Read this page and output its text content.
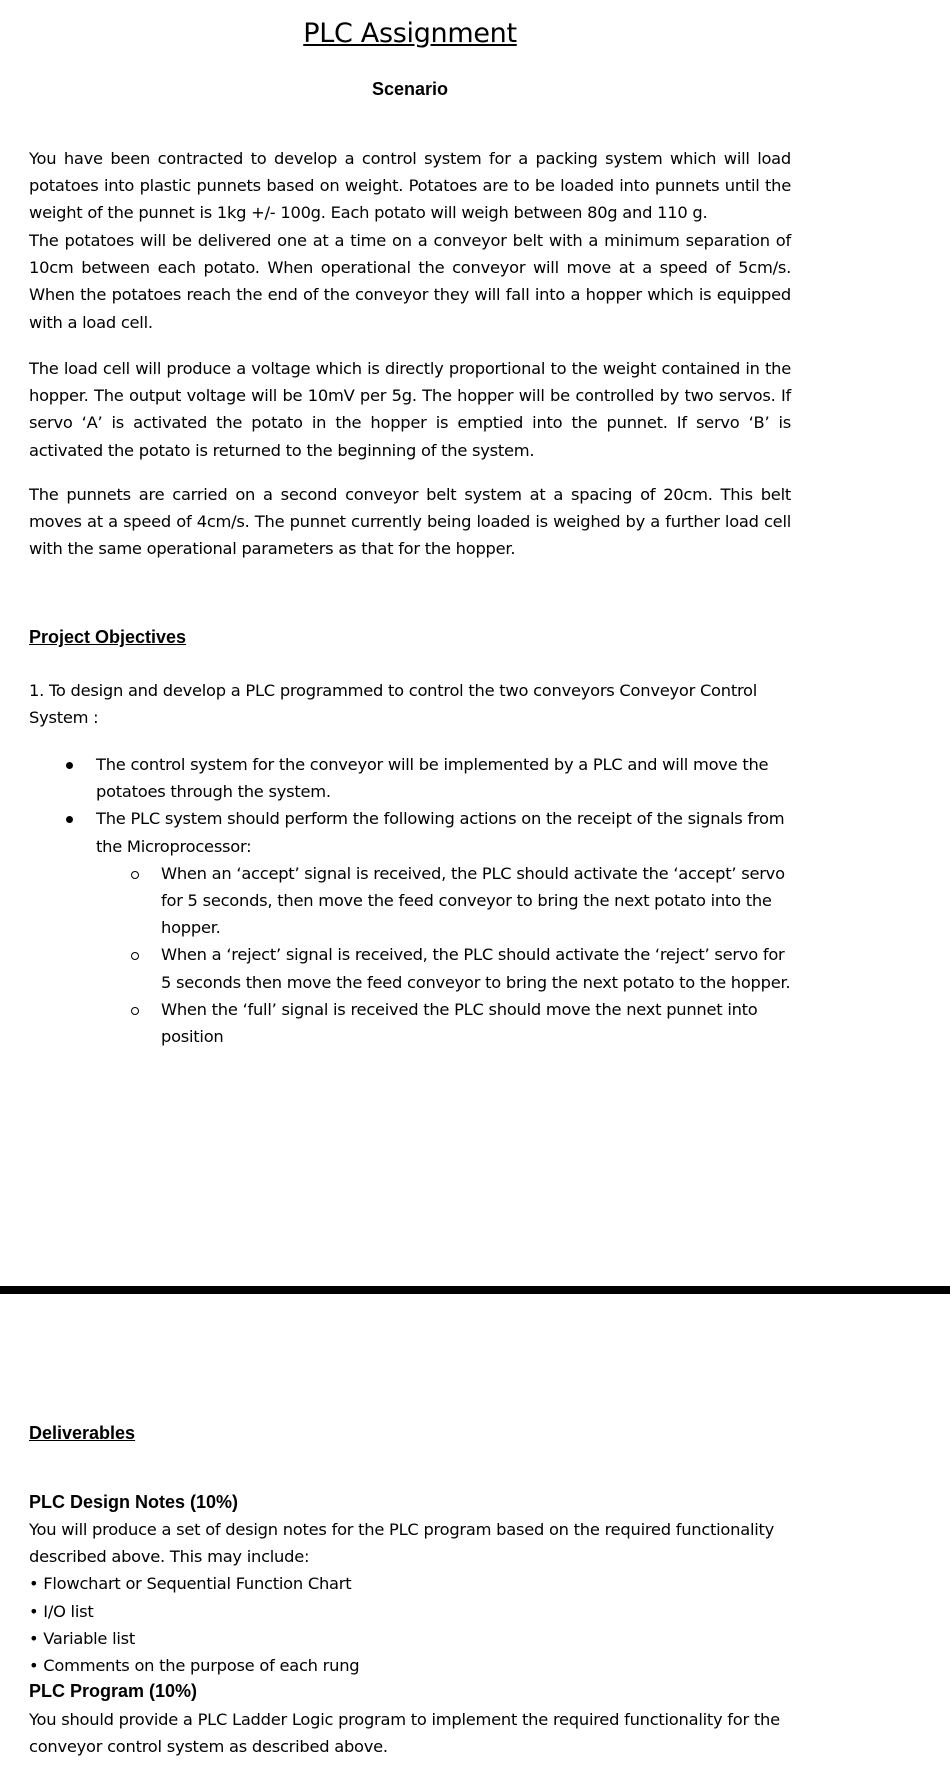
PLC Assignment
Scenario

You have been contracted to develop a control system for a packing system which will load potatoes into plastic punnets based on weight. Potatoes are to be loaded into punnets until the weight of the punnet is 1kg +/- 100g. Each potato will weigh between 80g and 110 g.

The potatoes will be delivered one at a time on a conveyor belt with a minimum separation of 10cm between each potato. When operational the conveyor will move at a speed of 5cm/s. When the potatoes reach the end of the conveyor they will fall into a hopper which is equipped with a load cell.

The load cell will produce a voltage which is directly proportional to the weight contained in the hopper. The output voltage will be 10mV per 5g. The hopper will be controlled by two servos. If servo ‘A’ is activated the potato in the hopper is emptied into the punnet. If servo ‘B’ is activated the potato is returned to the beginning of the system.

The punnets are carried on a second conveyor belt system at a spacing of 20cm. This belt moves at a speed of 4cm/s. The punnet currently being loaded is weighed by a further load cell with the same operational parameters as that for the hopper.

Project Objectives

1. To design and develop a PLC programmed to control the two conveyors Conveyor Control System :

The control system for the conveyor will be implemented by a PLC and will move the potatoes through the system.
The PLC system should perform the following actions on the receipt of the signals from the Microprocessor:
When an ‘accept’ signal is received, the PLC should activate the ‘accept’ servo for 5 seconds, then move the feed conveyor to bring the next potato into the hopper.
When a ‘reject’ signal is received, the PLC should activate the ‘reject’ servo for 5 seconds then move the feed conveyor to bring the next potato to the hopper.
When the ‘full’ signal is received the PLC should move the next punnet into position
Deliverables
PLC Design Notes (10%)
You will produce a set of design notes for the PLC program based on the required functionality
described above. This may include:
• Flowchart or Sequential Function Chart
• I/O list
• Variable list
• Comments on the purpose of each rung
PLC Program (10%)
You should provide a PLC Ladder Logic program to implement the required functionality for the
conveyor control system as described above.
